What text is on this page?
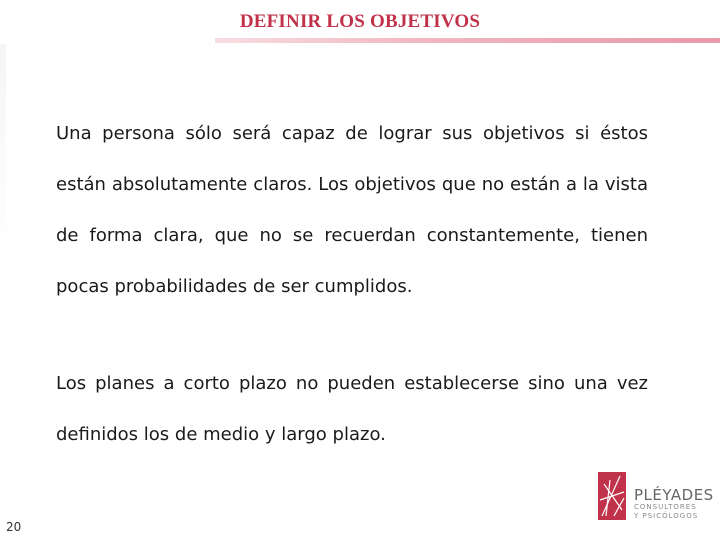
DEFINIR LOS OBJETIVOS
Una persona sólo será capaz de lograr sus objetivos si éstos están absolutamente claros. Los objetivos que no están a la vista de forma clara, que no se recuerdan constantemente, tienen pocas probabilidades de ser cumplidos.
Los planes a corto plazo no pueden establecerse sino una vez definidos los de medio y largo plazo.
20
PLÉYADES
CONSULTORES
Y PSICÓLOGOS
